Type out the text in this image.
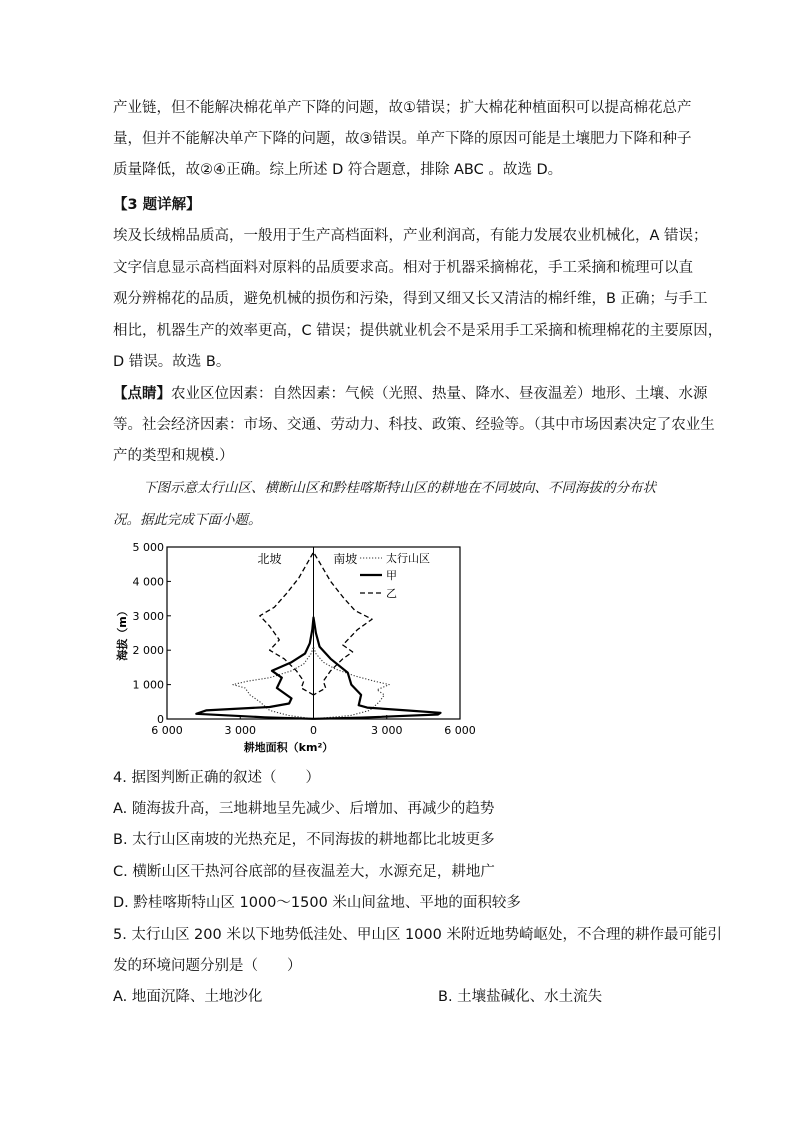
产业链，但不能解决棉花单产下降的问题，故①错误；扩大棉花种植面积可以提高棉花总产
量，但并不能解决单产下降的问题，故③错误。单产下降的原因可能是土壤肥力下降和种子
质量降低，故②④正确。综上所述 D 符合题意，排除 ABC 。故选 D。
【3 题详解】
埃及长绒棉品质高，一般用于生产高档面料，产业利润高，有能力发展农业机械化，A 错误；
文字信息显示高档面料对原料的品质要求高。相对于机器采摘棉花，手工采摘和梳理可以直
观分辨棉花的品质，避免机械的损伤和污染，得到又细又长又清洁的棉纤维，B 正确；与手工
相比，机器生产的效率更高，C 错误；提供就业机会不是采用手工采摘和梳理棉花的主要原因，
D 错误。故选 B。
【点睛】农业区位因素：自然因素：气候（光照、热量、降水、昼夜温差）地形、土壤、水源
等。社会经济因素：市场、交通、劳动力、科技、政策、经验等。（其中市场因素决定了农业生
产的类型和规模.）
下图示意太行山区、横断山区和黔桂喀斯特山区的耕地在不同坡向、不同海拔的分布状
况。据此完成下面小题。
0
1 000
2 000
3 000
4 000
5 000
6 000	3 000	0	3 000	6 000
耕地面积（km²）
海拔（m）
北坡	南坡	太行山区
甲
乙
4. 据图判断正确的叙述（　　）
A. 随海拔升高，三地耕地呈先减少、后增加、再减少的趋势
B. 太行山区南坡的光热充足，不同海拔的耕地都比北坡更多
C. 横断山区干热河谷底部的昼夜温差大，水源充足，耕地广
D. 黔桂喀斯特山区 1000～1500 米山间盆地、平地的面积较多
5. 太行山区 200 米以下地势低洼处、甲山区 1000 米附近地势崎岖处，不合理的耕作最可能引
发的环境问题分别是（　　）
A. 地面沉降、土地沙化	B. 土壤盐碱化、水土流失
